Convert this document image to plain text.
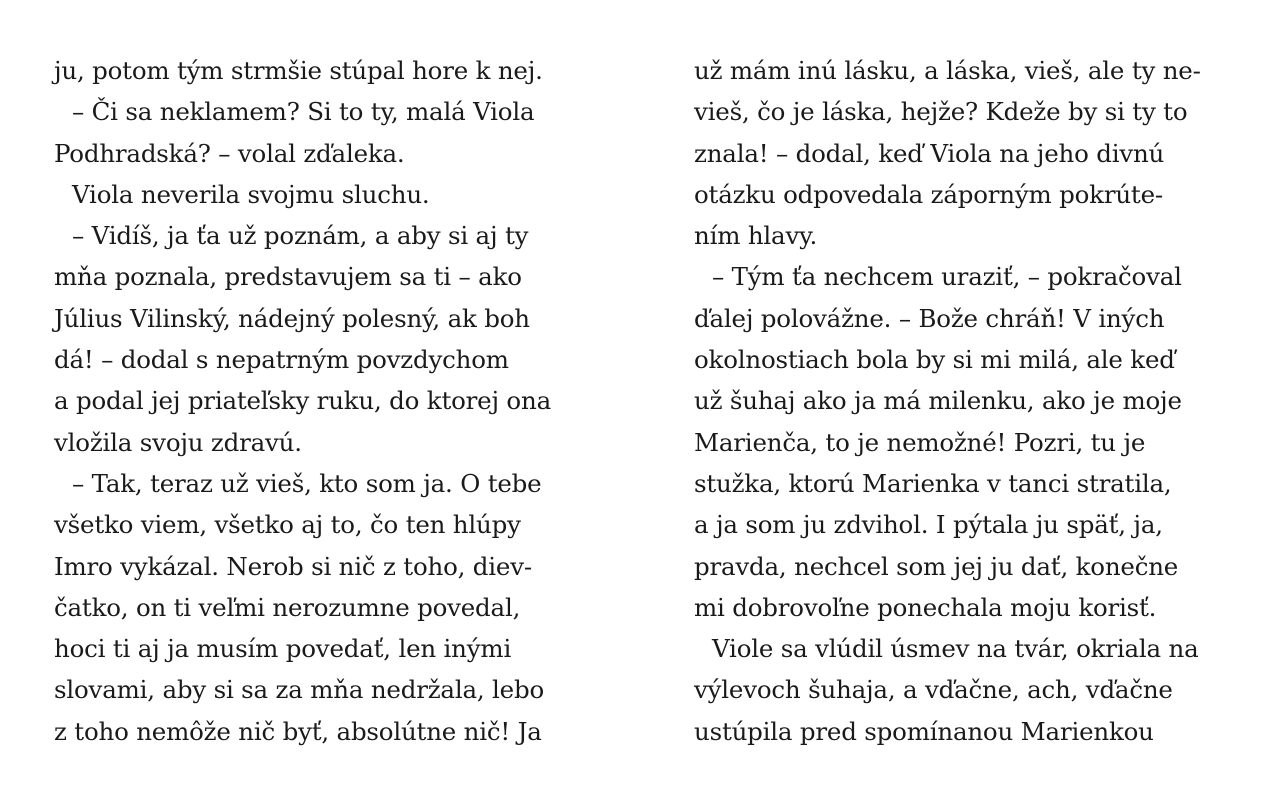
ju, potom tým strmšie stúpal hore k nej.
– Či sa neklamem? Si to ty, malá Viola
Podhradská? – volal zďaleka.
Viola neverila svojmu sluchu.
– Vidíš, ja ťa už poznám, a aby si aj ty
mňa poznala, predstavujem sa ti – ako
Július Vilinský, nádejný polesný, ak boh
dá! – dodal s nepatrným povzdychom
a podal jej priateľsky ruku, do ktorej ona
vložila svoju zdravú.
– Tak, teraz už vieš, kto som ja. O tebe
všetko viem, všetko aj to, čo ten hlúpy
Imro vykázal. Nerob si nič z toho, diev-
čatko, on ti veľmi nerozumne povedal,
hoci ti aj ja musím povedať, len inými
slovami, aby si sa za mňa nedržala, lebo
z toho nemôže nič byť, absolútne nič! Ja
už mám inú lásku, a láska, vieš, ale ty ne-
vieš, čo je láska, hejže? Kdeže by si ty to
znala! – dodal, keď Viola na jeho divnú
otázku odpovedala záporným pokrúte-
ním hlavy.
– Tým ťa nechcem uraziť, – pokračoval
ďalej polovážne. – Bože chráň! V iných
okolnostiach bola by si mi milá, ale keď
už šuhaj ako ja má milenku, ako je moje
Marienča, to je nemožné! Pozri, tu je
stužka, ktorú Marienka v tanci stratila,
a ja som ju zdvihol. I pýtala ju späť, ja,
pravda, nechcel som jej ju dať, konečne
mi dobrovoľne ponechala moju korisť.
Viole sa vlúdil úsmev na tvár, okriala na
výlevoch šuhaja, a vďačne, ach, vďačne
ustúpila pred spomínanou Marienkou
